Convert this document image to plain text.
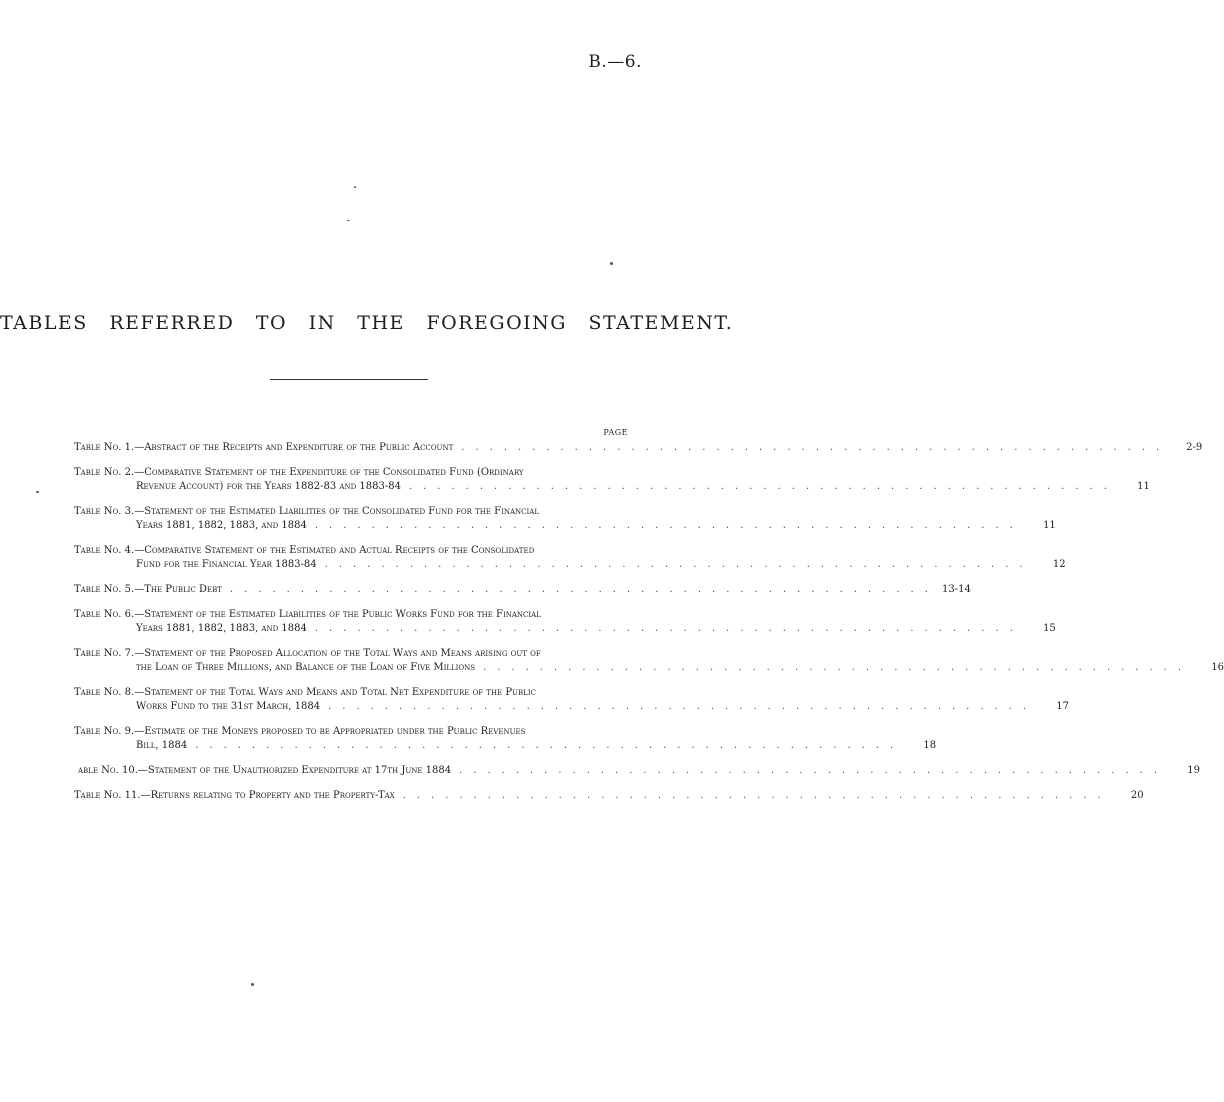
B.—6.
TABLES REFERRED TO IN THE FOREGOING STATEMENT.
PAGE
Table No. 1.— Abstract of the Receipts and Expenditure of the Public Account ..................................................	2-9
Table No. 2.— Comparative Statement of the Expenditure of the Consolidated Fund (Ordinary
Revenue Account) for the Years 1882-83 and 1883-84 ..................................................	11
Table No. 3.— Statement of the Estimated Liabilities of the Consolidated Fund for the Financial
Years 1881, 1882, 1883, and 1884 ..................................................	11
Table No. 4.— Comparative Statement of the Estimated and Actual Receipts of the Consolidated
Fund for the Financial Year 1883-84 ..................................................	12
Table No. 5.— The Public Debt .................................................. 13-14
Table No. 6.— Statement of the Estimated Liabilities of the Public Works Fund for the Financial
Years 1881, 1882, 1883, and 1884 ..................................................	15
Table No. 7.— Statement of the Proposed Allocation of the Total Ways and Means arising out of
the Loan of Three Millions, and Balance of the Loan of Five Millions ..................................................	16
Table No. 8.— Statement of the Total Ways and Means and Total Net Expenditure of the Public
Works Fund to the 31st March, 1884 ..................................................	17
Table No. 9.— Estimate of the Moneys proposed to be Appropriated under the Public Revenues
Bill, 1884 ..................................................	18
able No. 10.— Statement of the Unauthorized Expenditure at 17th June 1884 ..................................................	19
Table No. 11.— Returns relating to Property and the Property-Tax ..................................................	20
